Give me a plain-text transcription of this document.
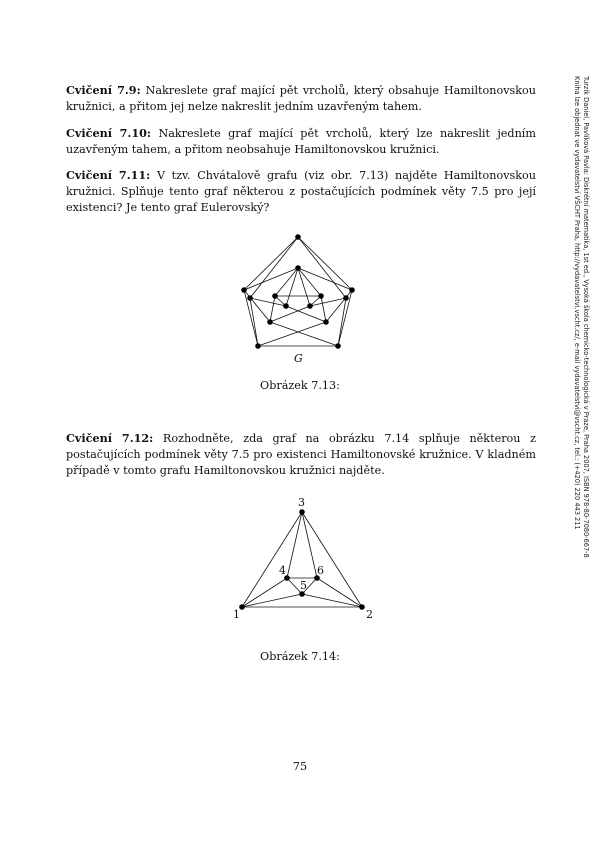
Cvičení 7.9: Nakreslete graf mající pět vrcholů, který obsahuje Hamiltonovskou kružnici, a přitom jej nelze nakreslit jedním uzavřeným tahem.

Cvičení 7.10: Nakreslete graf mající pět vrcholů, který lze nakreslit jedním uzavřeným tahem, a přitom neobsahuje Hamiltonovskou kružnici.

Cvičení 7.11: V tzv. Chvátalově grafu (viz obr. 7.13) najděte Hamiltonovskou kružnici. Splňuje tento graf některou z postačujících podmínek věty 7.5 pro její existenci? Je tento graf Eulerovský?

G
1	2
3
4
5
6
Obrázek 7.13:

Cvičení 7.12: Rozhodněte, zda graf na obrázku 7.14 splňuje některou z postačujících podmínek věty 7.5 pro existenci Hamiltonovské kružnice. V kladném případě v tomto grafu Hamiltonovskou kružnici najděte.

Obrázek 7.14:
Turzík Daniel, Pavlíková Pavla: Diskrétní matematika, 1st ed., Vysoká škola chemicko-technologická v Praze, Praha 2007, ISBN 978-80-7080-667-8
Kniha lze objednat ve vydavatelství VŠCHT Praha, http://vydavatelstvi.vscht.cz/, e-mail vydavatelstvi@vscht.cz, tel.: (+420) 220 443 211
75
